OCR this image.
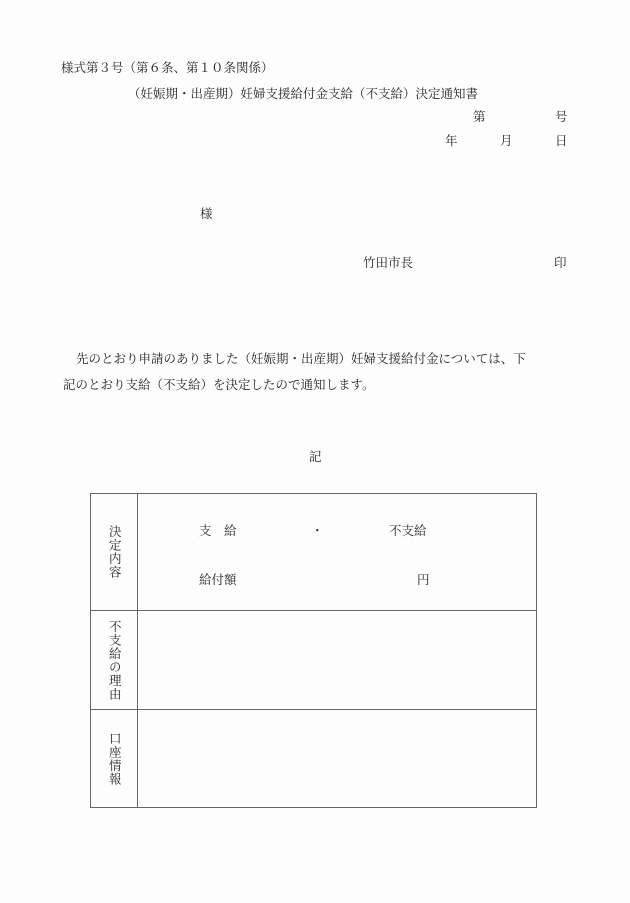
様式第３号（第６条、第１０条関係）
（妊娠期・出産期）妊婦支援給付金支給（不支給）決定通知書
第	号
年	月	日
様
竹田市長	印
先のとおり申請のありました（妊娠期・出産期）妊婦支援給付金については、下
記のとおり支給（不支給）を決定したので通知します。
記
決定内容	支　給	・	不支給
給付額	円
不支給の理由
口座情報
